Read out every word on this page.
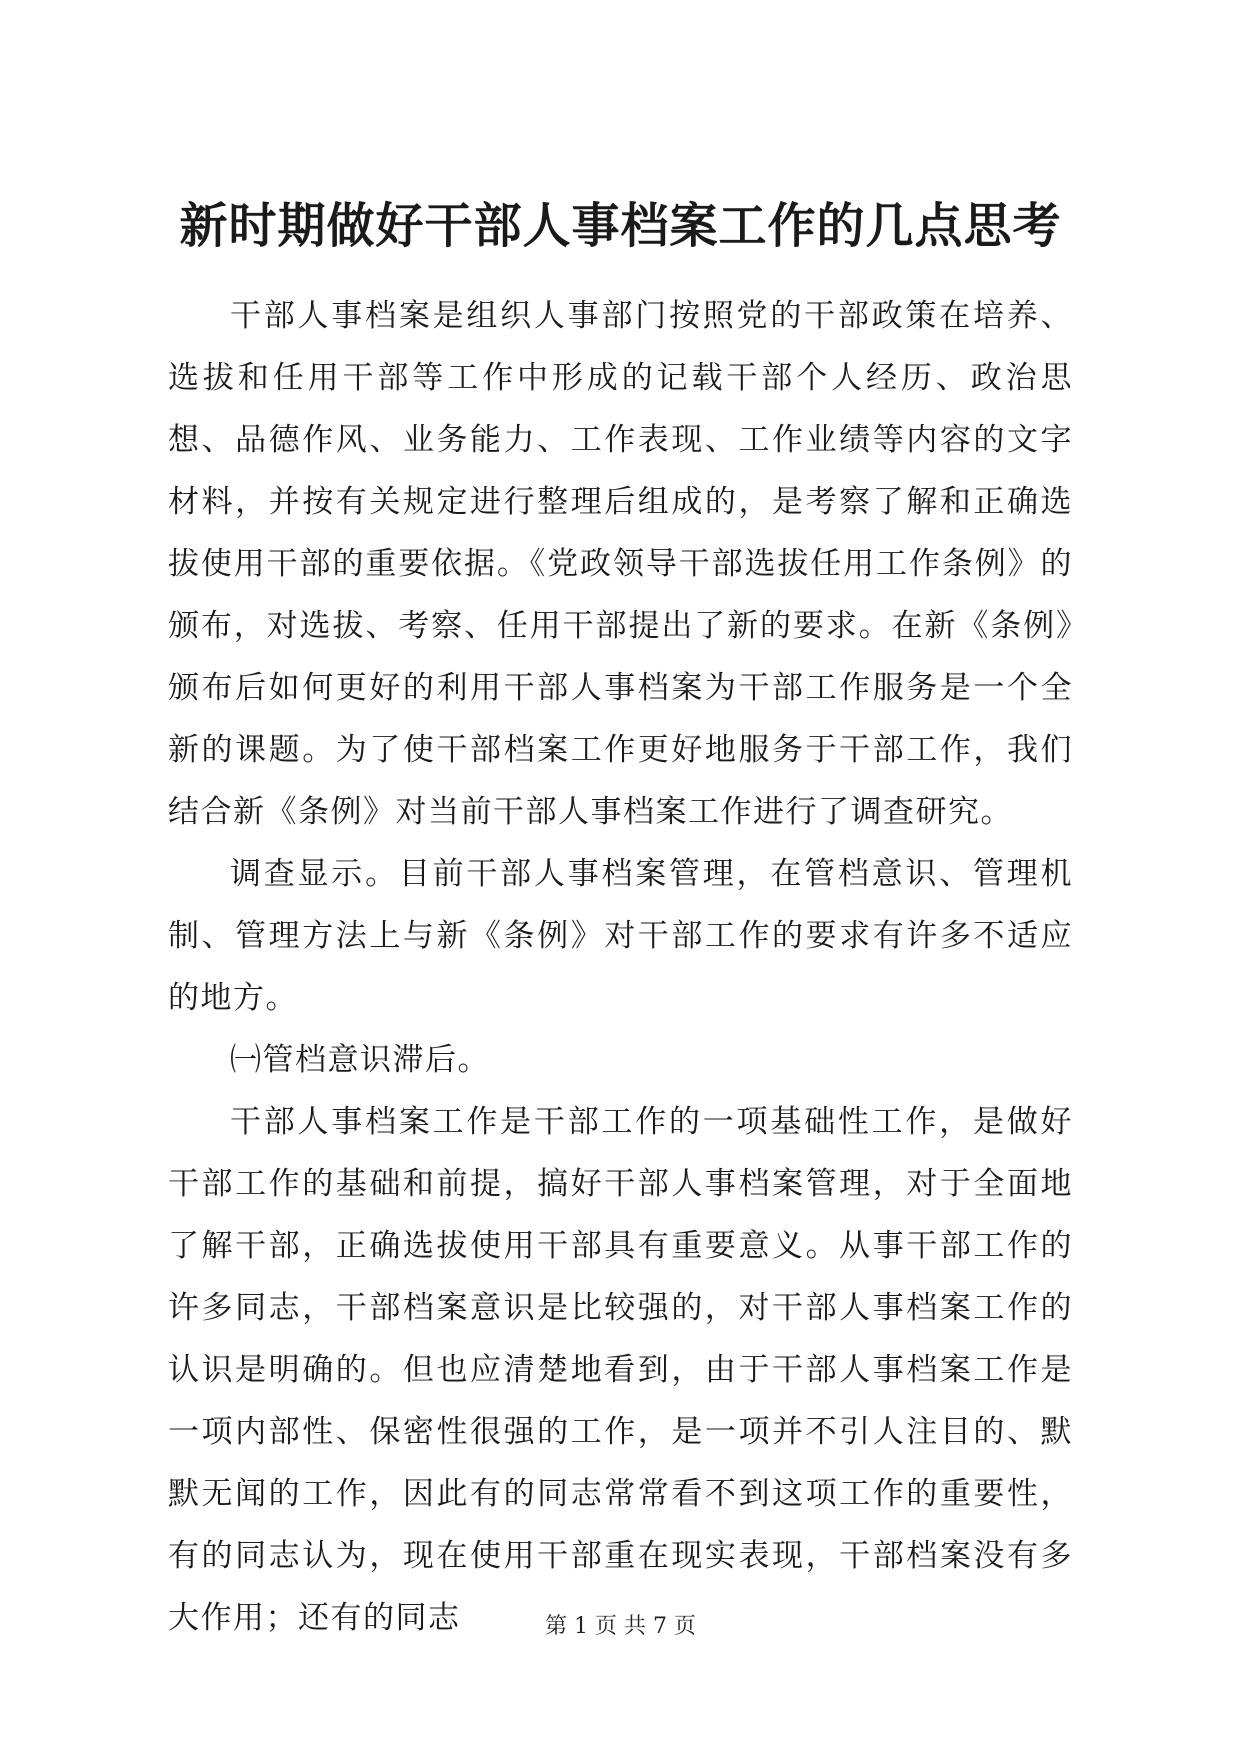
新时期做好干部人事档案工作的几点思考

干部人事档案是组织人事部门按照党的干部政策在培养、选拔和任用干部等工作中形成的记载干部个人经历、政治思想、品德作风、业务能力、工作表现、工作业绩等内容的文字材料，并按有关规定进行整理后组成的，是考察了解和正确选拔使用干部的重要依据。《党政领导干部选拔任用工作条例》的颁布，对选拔、考察、任用干部提出了新的要求。在新《条例》颁布后如何更好的利用干部人事档案为干部工作服务是一个全新的课题。为了使干部档案工作更好地服务于干部工作，我们结合新《条例》对当前干部人事档案工作进行了调查研究。

调查显示。目前干部人事档案管理，在管档意识、管理机制、管理方法上与新《条例》对干部工作的要求有许多不适应的地方。

㈠管档意识滞后。

干部人事档案工作是干部工作的一项基础性工作，是做好干部工作的基础和前提，搞好干部人事档案管理，对于全面地了解干部，正确选拔使用干部具有重要意义。从事干部工作的许多同志，干部档案意识是比较强的，对干部人事档案工作的认识是明确的。但也应清楚地看到，由于干部人事档案工作是一项内部性、保密性很强的工作，是一项并不引人注目的、默默无闻的工作，因此有的同志常常看不到这项工作的重要性，有的同志认为，现在使用干部重在现实表现，干部档案没有多大作用；还有的同志	第 1 页 共 7 页
